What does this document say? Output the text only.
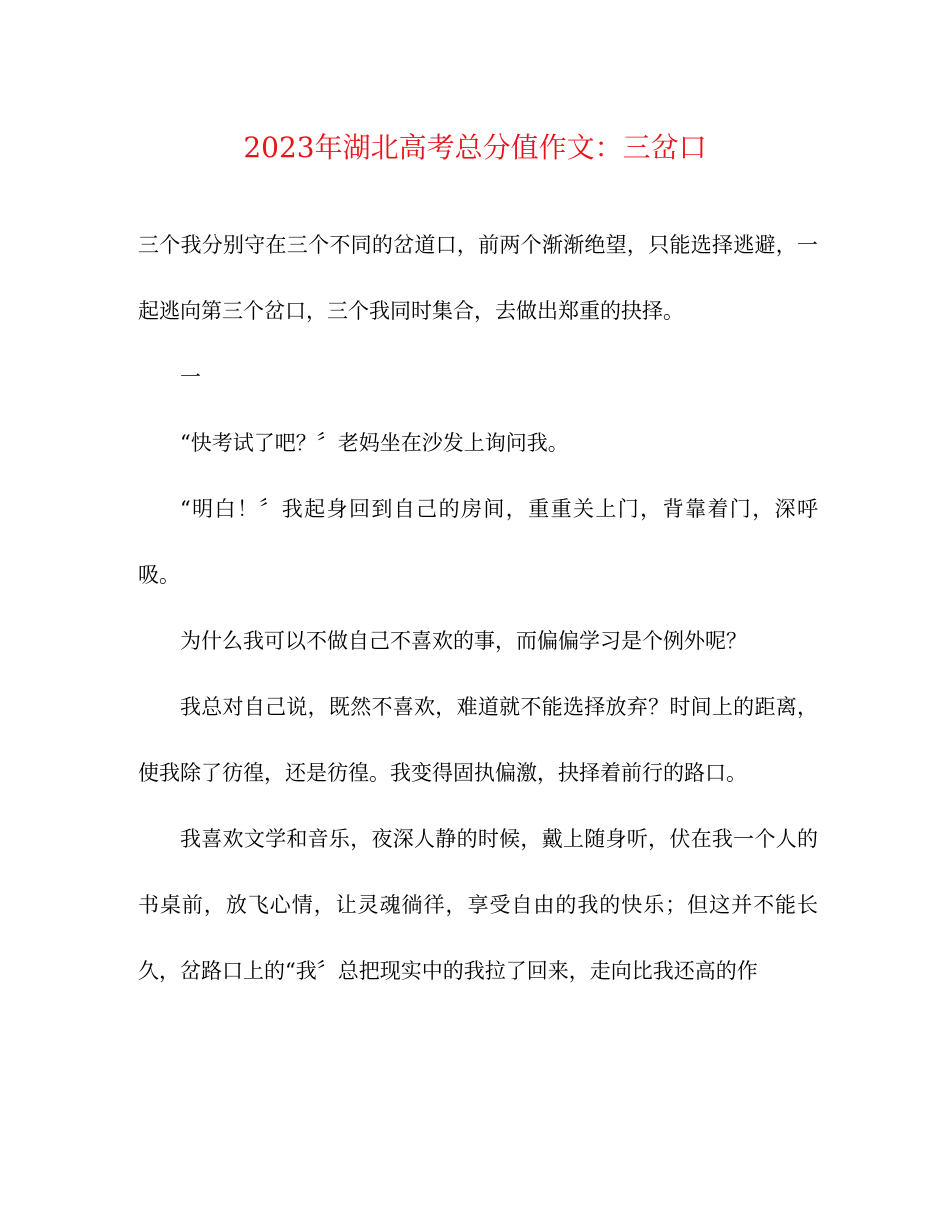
2023年湖北高考总分值作文：三岔口

三个我分别守在三个不同的岔道口，前两个渐渐绝望，只能选择逃避，一起逃向第三个岔口，三个我同时集合，去做出郑重的抉择。

一

“快考试了吧？〞老妈坐在沙发上询问我。

“明白！〞我起身回到自己的房间，重重关上门，背靠着门，深呼吸。

为什么我可以不做自己不喜欢的事，而偏偏学习是个例外呢？

我总对自己说，既然不喜欢，难道就不能选择放弃？时间上的距离，使我除了彷徨，还是彷徨。我变得固执偏激，抉择着前行的路口。

我喜欢文学和音乐，夜深人静的时候，戴上随身听，伏在我一个人的书桌前，放飞心情，让灵魂徜徉，享受自由的我的快乐；但这并不能长久，岔路口上的“我〞总把现实中的我拉了回来，走向比我还高的作
